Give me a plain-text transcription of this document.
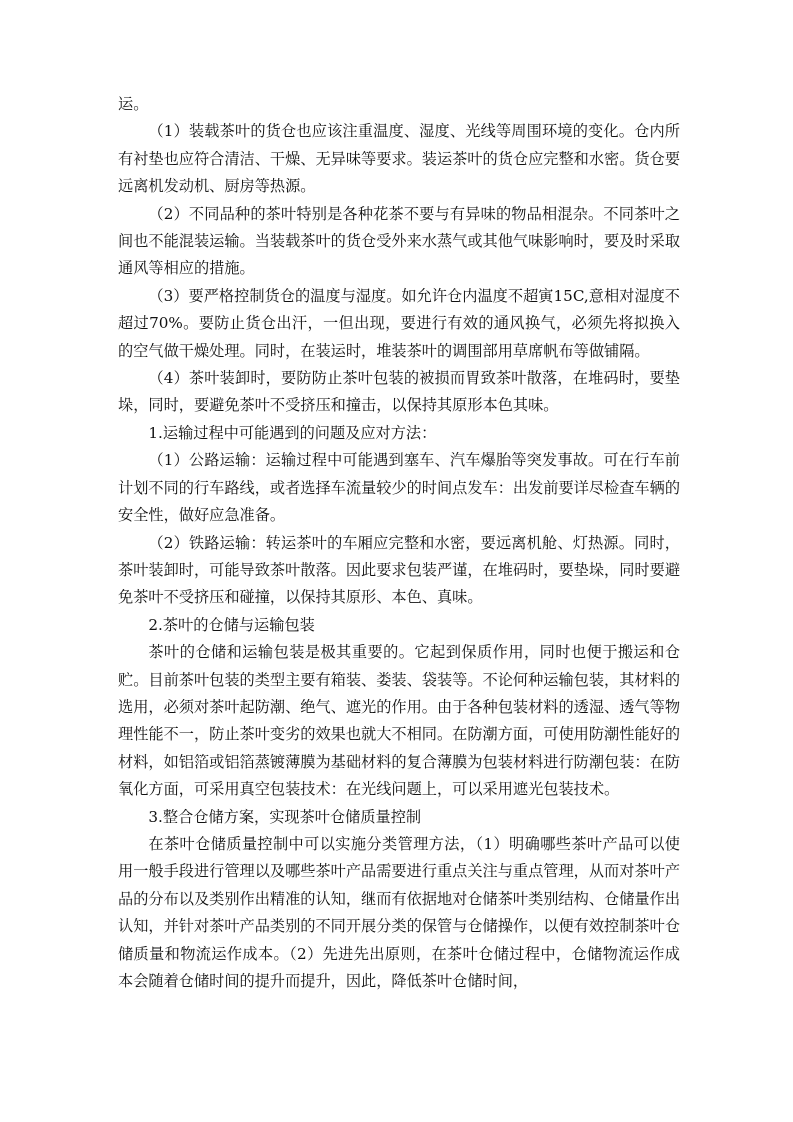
运。

（1）装载茶叶的货仓也应该注重温度、湿度、光线等周围环境的变化。仓内所有衬垫也应符合清洁、干燥、无异味等要求。装运茶叶的货仓应完整和水密。货仓要远离机发动机、厨房等热源。

（2）不同品种的茶叶特别是各种花茶不要与有异味的物品相混杂。不同茶叶之间也不能混装运输。当装载茶叶的货仓受外来水蒸气或其他气味影响时，要及时采取通风等相应的措施。

（3）要严格控制货仓的温度与湿度。如允许仓内温度不超寅15C,意相对湿度不超过70%。要防止货仓出汗，一但出现，要进行有效的通风换气，必须先将拟换入的空气做干燥处理。同时，在装运时，堆装茶叶的调围部用草席帆布等做铺隔。

（4）茶叶装卸时，要防防止茶叶包装的被损而胃致茶叶散落，在堆码时，要垫垛，同时，要避免茶叶不受挤压和撞击，以保持其原形本色其味。

1.运输过程中可能遇到的问题及应对方法：

（1）公路运输：运输过程中可能遇到塞车、汽车爆胎等突发事故。可在行车前计划不同的行车路线，或者选择车流量较少的时间点发车：出发前要详尽检查车辆的安全性，做好应急准备。

（2）铁路运输：转运茶叶的车厢应完整和水密，要远离机舱、灯热源。同时，茶叶装卸时，可能导致茶叶散落。因此要求包装严谨，在堆码时，要垫垛，同时要避免茶叶不受挤压和碰撞，以保持其原形、本色、真味。

2.茶叶的仓储与运输包装

茶叶的仓储和运输包装是极其重要的。它起到保质作用，同时也便于搬运和仓贮。目前茶叶包装的类型主要有箱装、娄装、袋装等。不论何种运输包装，其材料的选用，必须对茶叶起防潮、绝气、遮光的作用。由于各种包装材料的透湿、透气等物理性能不一，防止茶叶变劣的效果也就大不相同。在防潮方面，可使用防潮性能好的材料，如铝箔或铝箔蒸镀薄膜为基础材料的复合薄膜为包装材料进行防潮包装：在防氧化方面，可采用真空包装技术：在光线问题上，可以采用遮光包装技术。

3.整合仓储方案，实现茶叶仓储质量控制

在茶叶仓储质量控制中可以实施分类管理方法，（1）明确哪些茶叶产品可以使用一般手段进行管理以及哪些茶叶产品需要进行重点关注与重点管理，从而对茶叶产品的分布以及类别作出精准的认知，继而有依据地对仓储茶叶类别结构、仓储量作出认知，并针对茶叶产品类别的不同开展分类的保管与仓储操作，以便有效控制茶叶仓储质量和物流运作成本。（2）先进先出原则，在茶叶仓储过程中，仓储物流运作成本会随着仓储时间的提升而提升，因此，降低茶叶仓储时间，
